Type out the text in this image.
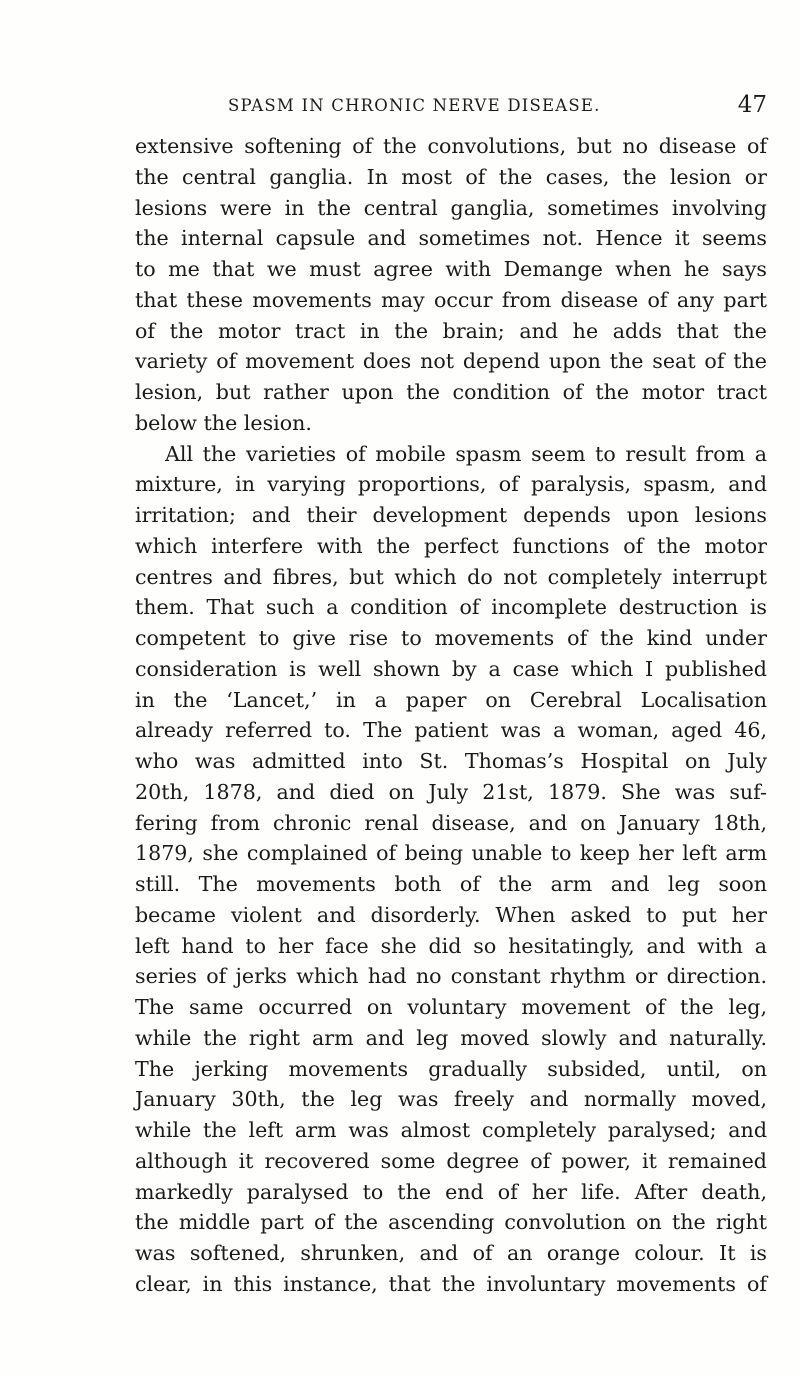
SPASM IN CHRONIC NERVE DISEASE.	47
extensive softening of the convolutions, but no disease of
the central ganglia. In most of the cases, the lesion or
lesions were in the central ganglia, sometimes involving
the internal capsule and sometimes not. Hence it seems
to me that we must agree with Demange when he says
that these movements may occur from disease of any part
of the motor tract in the brain; and he adds that the
variety of movement does not depend upon the seat of the
lesion, but rather upon the condition of the motor tract
below the lesion.
All the varieties of mobile spasm seem to result from a
mixture, in varying proportions, of paralysis, spasm, and
irritation; and their development depends upon lesions
which interfere with the perfect functions of the motor
centres and fibres, but which do not completely interrupt
them. That such a condition of incomplete destruction is
competent to give rise to movements of the kind under
consideration is well shown by a case which I published
in the ‘Lancet,’ in a paper on Cerebral Localisation
already referred to. The patient was a woman, aged 46,
who was admitted into St. Thomas’s Hospital on July
20th, 1878, and died on July 21st, 1879. She was suf-
fering from chronic renal disease, and on January 18th,
1879, she complained of being unable to keep her left arm
still. The movements both of the arm and leg soon
became violent and disorderly. When asked to put her
left hand to her face she did so hesitatingly, and with a
series of jerks which had no constant rhythm or direction.
The same occurred on voluntary movement of the leg,
while the right arm and leg moved slowly and naturally.
The jerking movements gradually subsided, until, on
January 30th, the leg was freely and normally moved,
while the left arm was almost completely paralysed; and
although it recovered some degree of power, it remained
markedly paralysed to the end of her life. After death,
the middle part of the ascending convolution on the right
was softened, shrunken, and of an orange colour. It is
clear, in this instance, that the involuntary movements of
